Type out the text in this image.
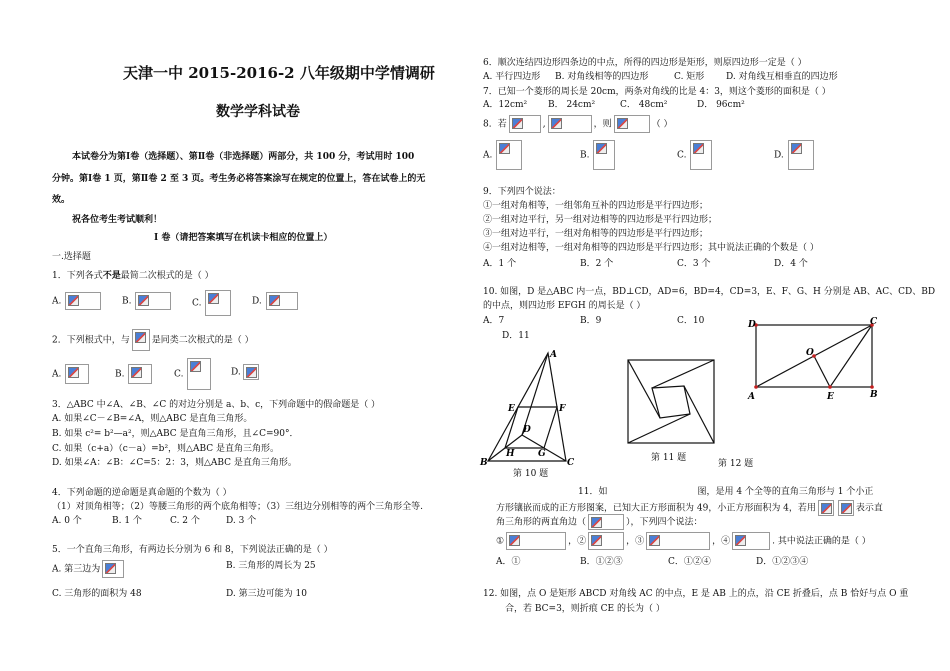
天津一中 2015-2016-2 八年级期中学情调研
数学学科试卷
本试卷分为第Ⅰ卷（选择题）、第Ⅱ卷（非选择题）两部分，共 100 分，考试用时 100
分钟。第Ⅰ卷 1 页，第Ⅱ卷 2 至 3 页。考生务必将答案涂写在规定的位置上，答在试卷上的无
效。
祝各位考生考试顺利！
Ⅰ 卷（请把答案填写在机读卡相应的位置上）
一.选择题
1．下列各式不是最简二次根式的是（ ）
A.	B.	C.	D.
2．下列根式中，与 是同类二次根式的是（ ）
A.	B.	C.	D.
3．△ABC 中∠A、∠B、∠C 的对边分别是 a、b、c，下列命题中的假命题是（ ）
A. 如果∠C－∠B=∠A，则△ABC 是直角三角形。
B. 如果 c²= b²—a²，则△ABC 是直角三角形，且∠C=90°．
C. 如果（c+a）（c－a）=b²，则△ABC 是直角三角形。
D. 如果∠A：∠B：∠C=5：2：3，则△ABC 是直角三角形。
4．下列命题的逆命题是真命题的个数为（ ）
（1）对顶角相等；（2）等腰三角形的两个底角相等；（3）三组边分别相等的两个三角形全等.
A. 0 个	B. 1 个	C. 2 个	D. 3 个
5．一个直角三角形，有两边长分别为 6 和 8，下列说法正确的是（ ）
A. 第三边为	B. 三角形的周长为 25
C. 三角形的面积为 48	D. 第三边可能为 10
6．顺次连结四边形四条边的中点，所得的四边形是矩形，则原四边形一定是（ ）
A. 平行四边形 B. 对角线相等的四边形	C. 矩形 D. 对角线互相垂直的四边形
7．已知一个菱形的周长是 20cm，两条对角线的比是 4：3，则这个菱形的面积是（ ）
A．12cm² B． 24cm²	C． 48cm²	D． 96cm²
8．若	,	，则	（ ）
A.	B.	C.	D.
9．下列四个说法：
①一组对角相等，一组邻角互补的四边形是平行四边形；
②一组对边平行，另一组对边相等的四边形是平行四边形；
③一组对边平行，一组对角相等的四边形是平行四边形；
④一组对边相等，一组对角相等的四边形是平行四边形；其中说法正确的个数是（ ）
A．1 个	B．2 个	C．3 个	D．4 个
10. 如图，D 是△ABC 内一点，BD⊥CD，AD=6，BD=4，CD=3，E、F、G、H 分别是 AB、AC、CD、BD
的中点，则四边形 EFGH 的周长是（ ）
A．7	B．9	C．10
D．11
A
B	C
D
E	F
G
H
第 10 题
第 11 题
A	B
C
D
E
O
第 12 题
11．如	图，是用 4 个全等的直角三角形与 1 个小正
方形镶嵌而成的正方形图案，已知大正方形面积为 49，小正方形面积为 4，若用	表示直
角三角形的两直角边（	），下列四个说法：
①	，②	，③	，④	. 其中说法正确的是（ ）
A．①	B．①②③	C．①②④	D．①②③④
12. 如图，点 O 是矩形 ABCD 对角线 AC 的中点，E 是 AB 上的点，沿 CE 折叠后，点 B 恰好与点 O 重
合，若 BC=3，则折痕 CE 的长为（ ）
